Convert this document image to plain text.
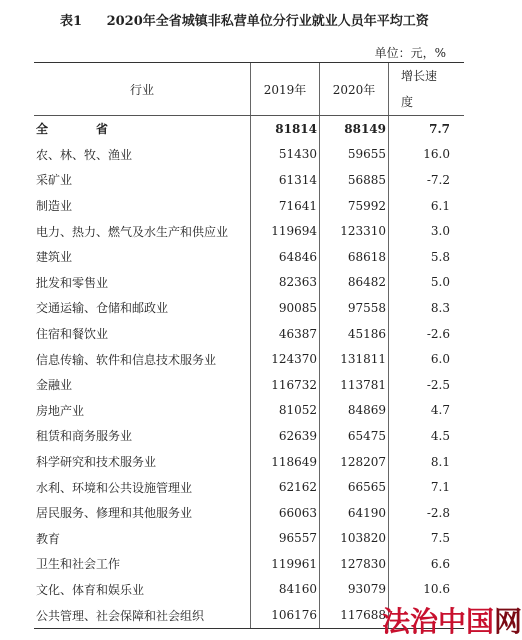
表1 2020年全省城镇非私营单位分行业就业人员年平均工资
单位：元，%
行业	2019年	2020年	增长速
度

全　省	81814	88149	7.7
农、林、牧、渔业	51430	59655	16.0
采矿业	61314	56885	-7.2
制造业	71641	75992	6.1
电力、热力、燃气及水生产和供应业	119694	123310	3.0
建筑业	64846	68618	5.8
批发和零售业	82363	86482	5.0
交通运输、仓储和邮政业	90085	97558	8.3
住宿和餐饮业	46387	45186	-2.6
信息传输、软件和信息技术服务业	124370	131811	6.0
金融业	116732	113781	-2.5
房地产业	81052	84869	4.7
租赁和商务服务业	62639	65475	4.5
科学研究和技术服务业	118649	128207	8.1
水利、环境和公共设施管理业	62162	66565	7.1
居民服务、修理和其他服务业	66063	64190	-2.8
教育	96557	103820	7.5
卫生和社会工作	119961	127830	6.6
文化、体育和娱乐业	84160	93079	10.6
公共管理、社会保障和社会组织	106176	117688	
法治中国网
